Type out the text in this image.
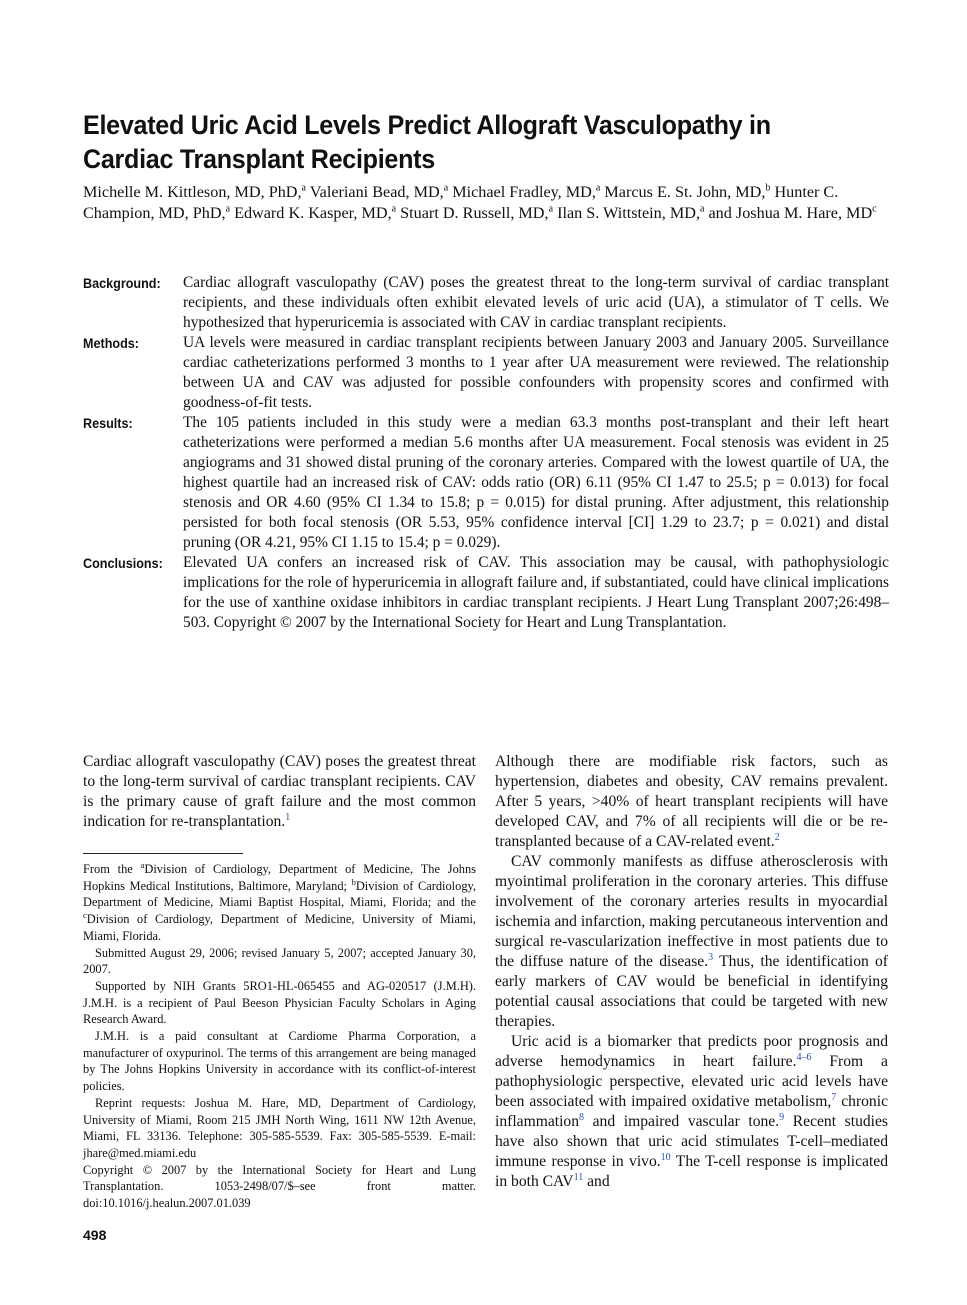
Elevated Uric Acid Levels Predict Allograft Vasculopathy in Cardiac Transplant Recipients
Michelle M. Kittleson, MD, PhD,$^a$ Valeriani Bead, MD,$^a$ Michael Fradley, MD,$^a$ Marcus E. St. John, MD,$^b$ Hunter C. Champion, MD, PhD,$^a$ Edward K. Kasper, MD,$^a$ Stuart D. Russell, MD,$^a$ Ilan S. Wittstein, MD,$^a$ and Joshua M. Hare, $MD^c$
Background:	Cardiac allograft vasculopathy (CAV) poses the greatest threat to the long-term survival of cardiac transplant recipients, and these individuals often exhibit elevated levels of uric acid (UA), a stimulator of T cells. We hypothesized that hyperuricemia is associated with CAV in cardiac transplant recipients.
Methods:	UA levels were measured in cardiac transplant recipients between January 2003 and January 2005. Surveillance cardiac catheterizations performed 3 months to 1 year after UA measurement were reviewed. The relationship between UA and CAV was adjusted for possible confounders with propensity scores and confirmed with goodness-of-fit tests.
Results:	The 105 patients included in this study were a median 63.3 months post-transplant and their left heart catheterizations were performed a median 5.6 months after UA measurement. Focal stenosis was evident in 25 angiograms and 31 showed distal pruning of the coronary arteries. Compared with the lowest quartile of UA, the highest quartile had an increased risk of CAV: odds ratio (OR) 6.11 (95% CI 1.47 to 25.5; p = 0.013) for focal stenosis and OR 4.60 (95% CI 1.34 to 15.8; p = 0.015) for distal pruning. After adjustment, this relationship persisted for both focal stenosis (OR 5.53, 95% confidence interval [CI] 1.29 to 23.7; p = 0.021) and distal pruning (OR 4.21, 95% CI 1.15 to 15.4; p = 0.029).
Conclusions:	Elevated UA confers an increased risk of CAV. This association may be causal, with pathophysiologic implications for the role of hyperuricemia in allograft failure and, if substantiated, could have clinical implications for the use of xanthine oxidase inhibitors in cardiac transplant recipients. J Heart Lung Transplant 2007;26:498–503. Copyright © 2007 by the International Society for Heart and Lung Transplantation.

Cardiac allograft vasculopathy (CAV) poses the greatest threat to the long-term survival of cardiac transplant recipients. CAV is the primary cause of graft failure and the most common indication for re-transplantation.$^1$

From the $^a$Division of Cardiology, Department of Medicine, The Johns Hopkins Medical Institutions, Baltimore, Maryland; $^b$Division of Cardiology, Department of Medicine, Miami Baptist Hospital, Miami, Florida; and the $^c$Division of Cardiology, Department of Medicine, University of Miami, Miami, Florida.

Submitted August 29, 2006; revised January 5, 2007; accepted January 30, 2007.

Supported by NIH Grants 5RO1-HL-065455 and AG-020517 (J.M.H). J.M.H. is a recipient of Paul Beeson Physician Faculty Scholars in Aging Research Award.

J.M.H. is a paid consultant at Cardiome Pharma Corporation, a manufacturer of oxypurinol. The terms of this arrangement are being managed by The Johns Hopkins University in accordance with its conflict-of-interest policies.

Reprint requests: Joshua M. Hare, MD, Department of Cardiology, University of Miami, Room 215 JMH North Wing, 1611 NW 12th Avenue, Miami, FL 33136. Telephone: 305-585-5539. Fax: 305-585-5539. E-mail: jhare@med.miami.edu

Copyright © 2007 by the International Society for Heart and Lung Transplantation. 1053-2498/07/$–see front matter. doi:10.1016/j.healun.2007.01.039

Although there are modifiable risk factors, such as hypertension, diabetes and obesity, CAV remains prevalent. After 5 years, >40% of heart transplant recipients will have developed CAV, and 7% of all recipients will die or be re-transplanted because of a CAV-related event.$^2$

CAV commonly manifests as diffuse atherosclerosis with myointimal proliferation in the coronary arteries. This diffuse involvement of the coronary arteries results in myocardial ischemia and infarction, making percutaneous intervention and surgical re-vascularization ineffective in most patients due to the diffuse nature of the disease.$^3$ Thus, the identification of early markers of CAV would be beneficial in identifying potential causal associations that could be targeted with new therapies.

Uric acid is a biomarker that predicts poor prognosis and adverse hemodynamics in heart failure.$^{4-6}$ From a pathophysiologic perspective, elevated uric acid levels have been associated with impaired oxidative metabolism,$^7$ chronic inflammation$^8$ and impaired vascular tone.$^9$ Recent studies have also shown that uric acid stimulates T-cell–mediated immune response in vivo.$^{10}$ The T-cell response is implicated in both CAV$^{11}$ and

498
